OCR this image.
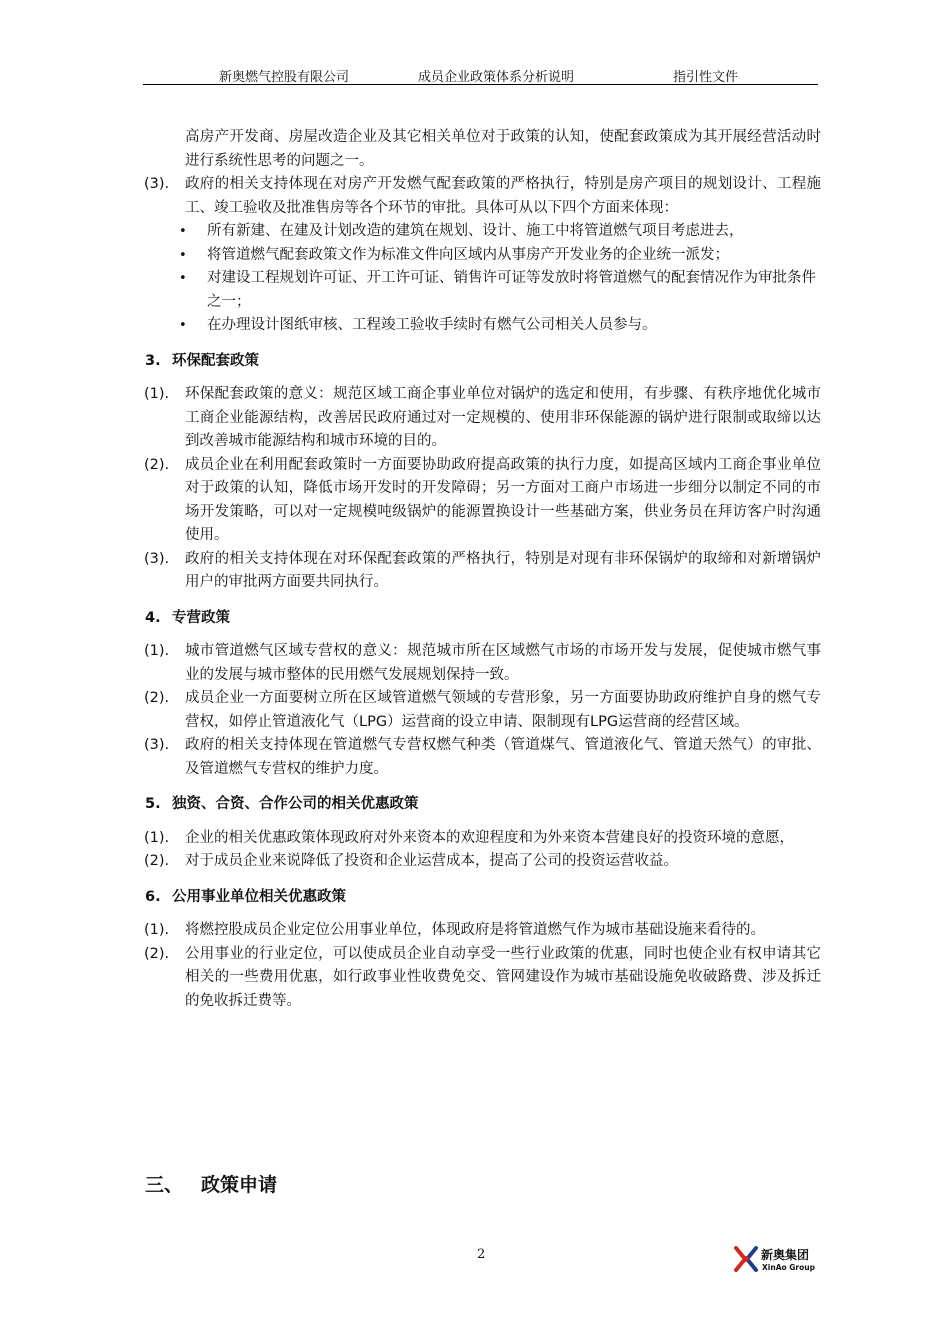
新奥燃气控股有限公司	成员企业政策体系分析说明	指引性文件

高房产开发商、房屋改造企业及其它相关单位对于政策的认知，使配套政策成为其开展经营活动时进行系统性思考的问题之一。

(3). 政府的相关支持体现在对房产开发燃气配套政策的严格执行，特别是房产项目的规划设计、工程施工、竣工验收及批准售房等各个环节的审批。具体可从以下四个方面来体现：

• 所有新建、在建及计划改造的建筑在规划、设计、施工中将管道燃气项目考虑进去，

• 将管道燃气配套政策文作为标准文件向区域内从事房产开发业务的企业统一派发；

• 对建设工程规划许可证、开工许可证、销售许可证等发放时将管道燃气的配套情况作为审批条件之一；

• 在办理设计图纸审核、工程竣工验收手续时有燃气公司相关人员参与。

3. 环保配套政策

(1). 环保配套政策的意义：规范区域工商企事业单位对锅炉的选定和使用，有步骤、有秩序地优化城市工商企业能源结构，改善居民政府通过对一定规模的、使用非环保能源的锅炉进行限制或取缔以达到改善城市能源结构和城市环境的目的。

(2). 成员企业在利用配套政策时一方面要协助政府提高政策的执行力度，如提高区域内工商企事业单位对于政策的认知，降低市场开发时的开发障碍；另一方面对工商户市场进一步细分以制定不同的市场开发策略，可以对一定规模吨级锅炉的能源置换设计一些基础方案，供业务员在拜访客户时沟通使用。

(3). 政府的相关支持体现在对环保配套政策的严格执行，特别是对现有非环保锅炉的取缔和对新增锅炉用户的审批两方面要共同执行。

4. 专营政策

(1). 城市管道燃气区域专营权的意义：规范城市所在区域燃气市场的市场开发与发展，促使城市燃气事业的发展与城市整体的民用燃气发展规划保持一致。

(2). 成员企业一方面要树立所在区域管道燃气领域的专营形象，另一方面要协助政府维护自身的燃气专营权，如停止管道液化气（LPG）运营商的设立申请、限制现有LPG运营商的经营区域。

(3). 政府的相关支持体现在管道燃气专营权燃气种类（管道煤气、管道液化气、管道天然气）的审批、及管道燃气专营权的维护力度。

5. 独资、合资、合作公司的相关优惠政策

(1). 企业的相关优惠政策体现政府对外来资本的欢迎程度和为外来资本营建良好的投资环境的意愿，

(2). 对于成员企业来说降低了投资和企业运营成本，提高了公司的投资运营收益。

6. 公用事业单位相关优惠政策

(1). 将燃控股成员企业定位公用事业单位，体现政府是将管道燃气作为城市基础设施来看待的。

(2). 公用事业的行业定位，可以使成员企业自动享受一些行业政策的优惠，同时也使企业有权申请其它相关的一些费用优惠，如行政事业性收费免交、管网建设作为城市基础设施免收破路费、涉及拆迁的免收拆迁费等。

三、 政策申请
2	新奥集团
XinAo Group
